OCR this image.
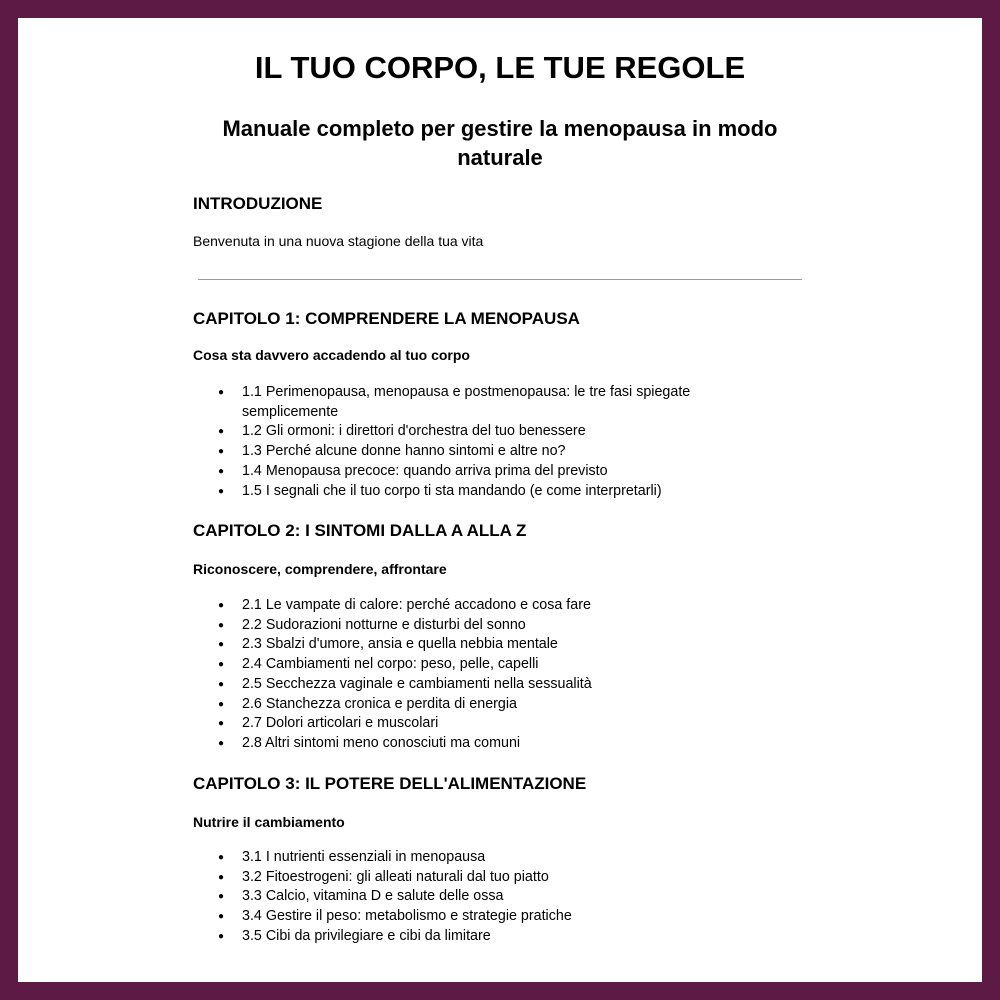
IL TUO CORPO, LE TUE REGOLE
Manuale completo per gestire la menopausa in modo naturale
INTRODUZIONE
Benvenuta in una nuova stagione della tua vita
CAPITOLO 1: COMPRENDERE LA MENOPAUSA
Cosa sta davvero accadendo al tuo corpo
● 1.1 Perimenopausa, menopausa e postmenopausa: le tre fasi spiegate semplicemente
● 1.2 Gli ormoni: i direttori d'orchestra del tuo benessere
● 1.3 Perché alcune donne hanno sintomi e altre no?
● 1.4 Menopausa precoce: quando arriva prima del previsto
● 1.5 I segnali che il tuo corpo ti sta mandando (e come interpretarli)
CAPITOLO 2: I SINTOMI DALLA A ALLA Z
Riconoscere, comprendere, affrontare
● 2.1 Le vampate di calore: perché accadono e cosa fare
● 2.2 Sudorazioni notturne e disturbi del sonno
● 2.3 Sbalzi d'umore, ansia e quella nebbia mentale
● 2.4 Cambiamenti nel corpo: peso, pelle, capelli
● 2.5 Secchezza vaginale e cambiamenti nella sessualità
● 2.6 Stanchezza cronica e perdita di energia
● 2.7 Dolori articolari e muscolari
● 2.8 Altri sintomi meno conosciuti ma comuni
CAPITOLO 3: IL POTERE DELL'ALIMENTAZIONE
Nutrire il cambiamento
● 3.1 I nutrienti essenziali in menopausa
● 3.2 Fitoestrogeni: gli alleati naturali dal tuo piatto
● 3.3 Calcio, vitamina D e salute delle ossa
● 3.4 Gestire il peso: metabolismo e strategie pratiche
● 3.5 Cibi da privilegiare e cibi da limitare
